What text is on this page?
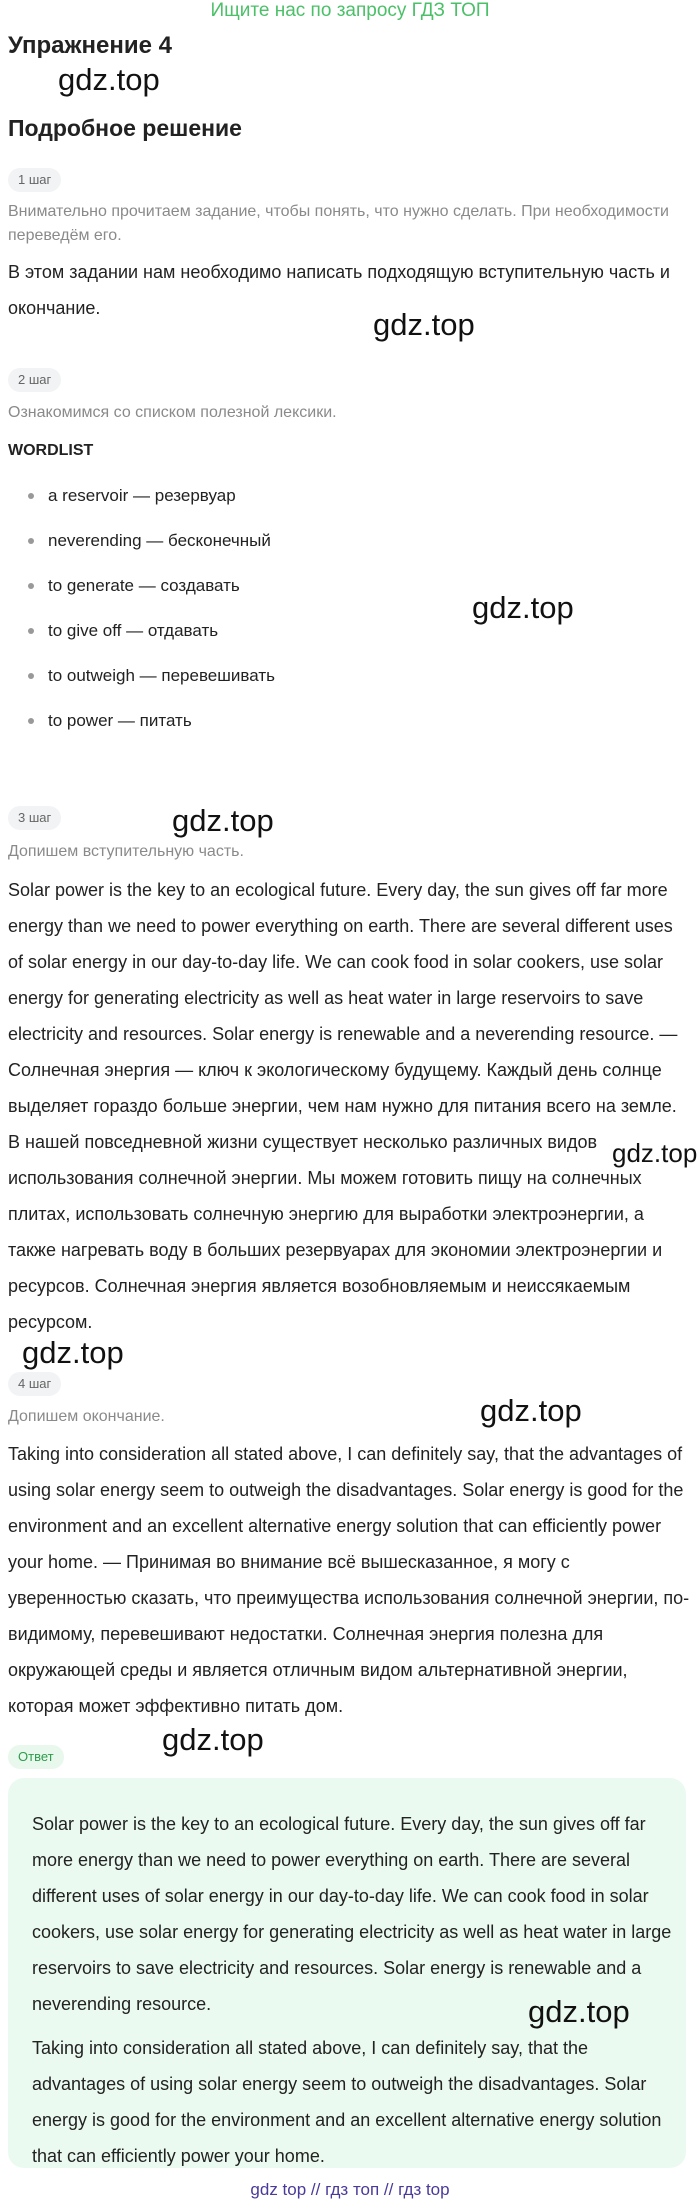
Ищите нас по запросу ГДЗ ТОП
Упражнение 4
gdz.top
Подробное решение
1 шаг
Внимательно прочитаем задание, чтобы понять, что нужно сделать. При необходимости переведём его.
В этом задании нам необходимо написать подходящую вступительную часть и окончание.	gdz.top
2 шаг
Ознакомимся со списком полезной лексики.
WORDLIST
a reservoir — резервуар
neverending — бесконечный
to generate — создавать
to give off — отдавать
to outweigh — перевешивать
to power — питать
gdz.top
3 шаг	gdz.top
Допишем вступительную часть.
Solar power is the key to an ecological future. Every day, the sun gives off far more energy than we need to power everything on earth. There are several different uses of solar energy in our day-to-day life. We can cook food in solar cookers, use solar energy for generating electricity as well as heat water in large reservoirs to save electricity and resources. Solar energy is renewable and a neverending resource. — Солнечная энергия — ключ к экологическому будущему. Каждый день солнце выделяет гораздо больше энергии, чем нам нужно для питания всего на земле. В нашей повседневной жизни существует несколько различных видов использования солнечной энергии. Мы можем готовить пищу на солнечных плитах, использовать солнечную энергию для выработки электроэнергии, а также нагревать воду в больших резервуарах для экономии электроэнергии и ресурсов. Солнечная энергия является возобновляемым и неиссякаемым ресурсом.
gdz.top
gdz.top
4 шаг
gdz.top
Допишем окончание.
Taking into consideration all stated above, I can definitely say, that the advantages of using solar energy seem to outweigh the disadvantages. Solar energy is good for the environment and an excellent alternative energy solution that can efficiently power your home. — Принимая во внимание всё вышесказанное, я могу с уверенностью сказать, что преимущества использования солнечной энергии, по-видимому, перевешивают недостатки. Солнечная энергия полезна для окружающей среды и является отличным видом альтернативной энергии, которая может эффективно питать дом.
Ответ	gdz.top
Solar power is the key to an ecological future. Every day, the sun gives off far more energy than we need to power everything on earth. There are several different uses of solar energy in our day-to-day life. We can cook food in solar cookers, use solar energy for generating electricity as well as heat water in large reservoirs to save electricity and resources. Solar energy is renewable and a neverending resource.	gdz.top
Taking into consideration all stated above, I can definitely say, that the advantages of using solar energy seem to outweigh the disadvantages. Solar energy is good for the environment and an excellent alternative energy solution that can efficiently power your home.
gdz top // гдз топ // гдз top
